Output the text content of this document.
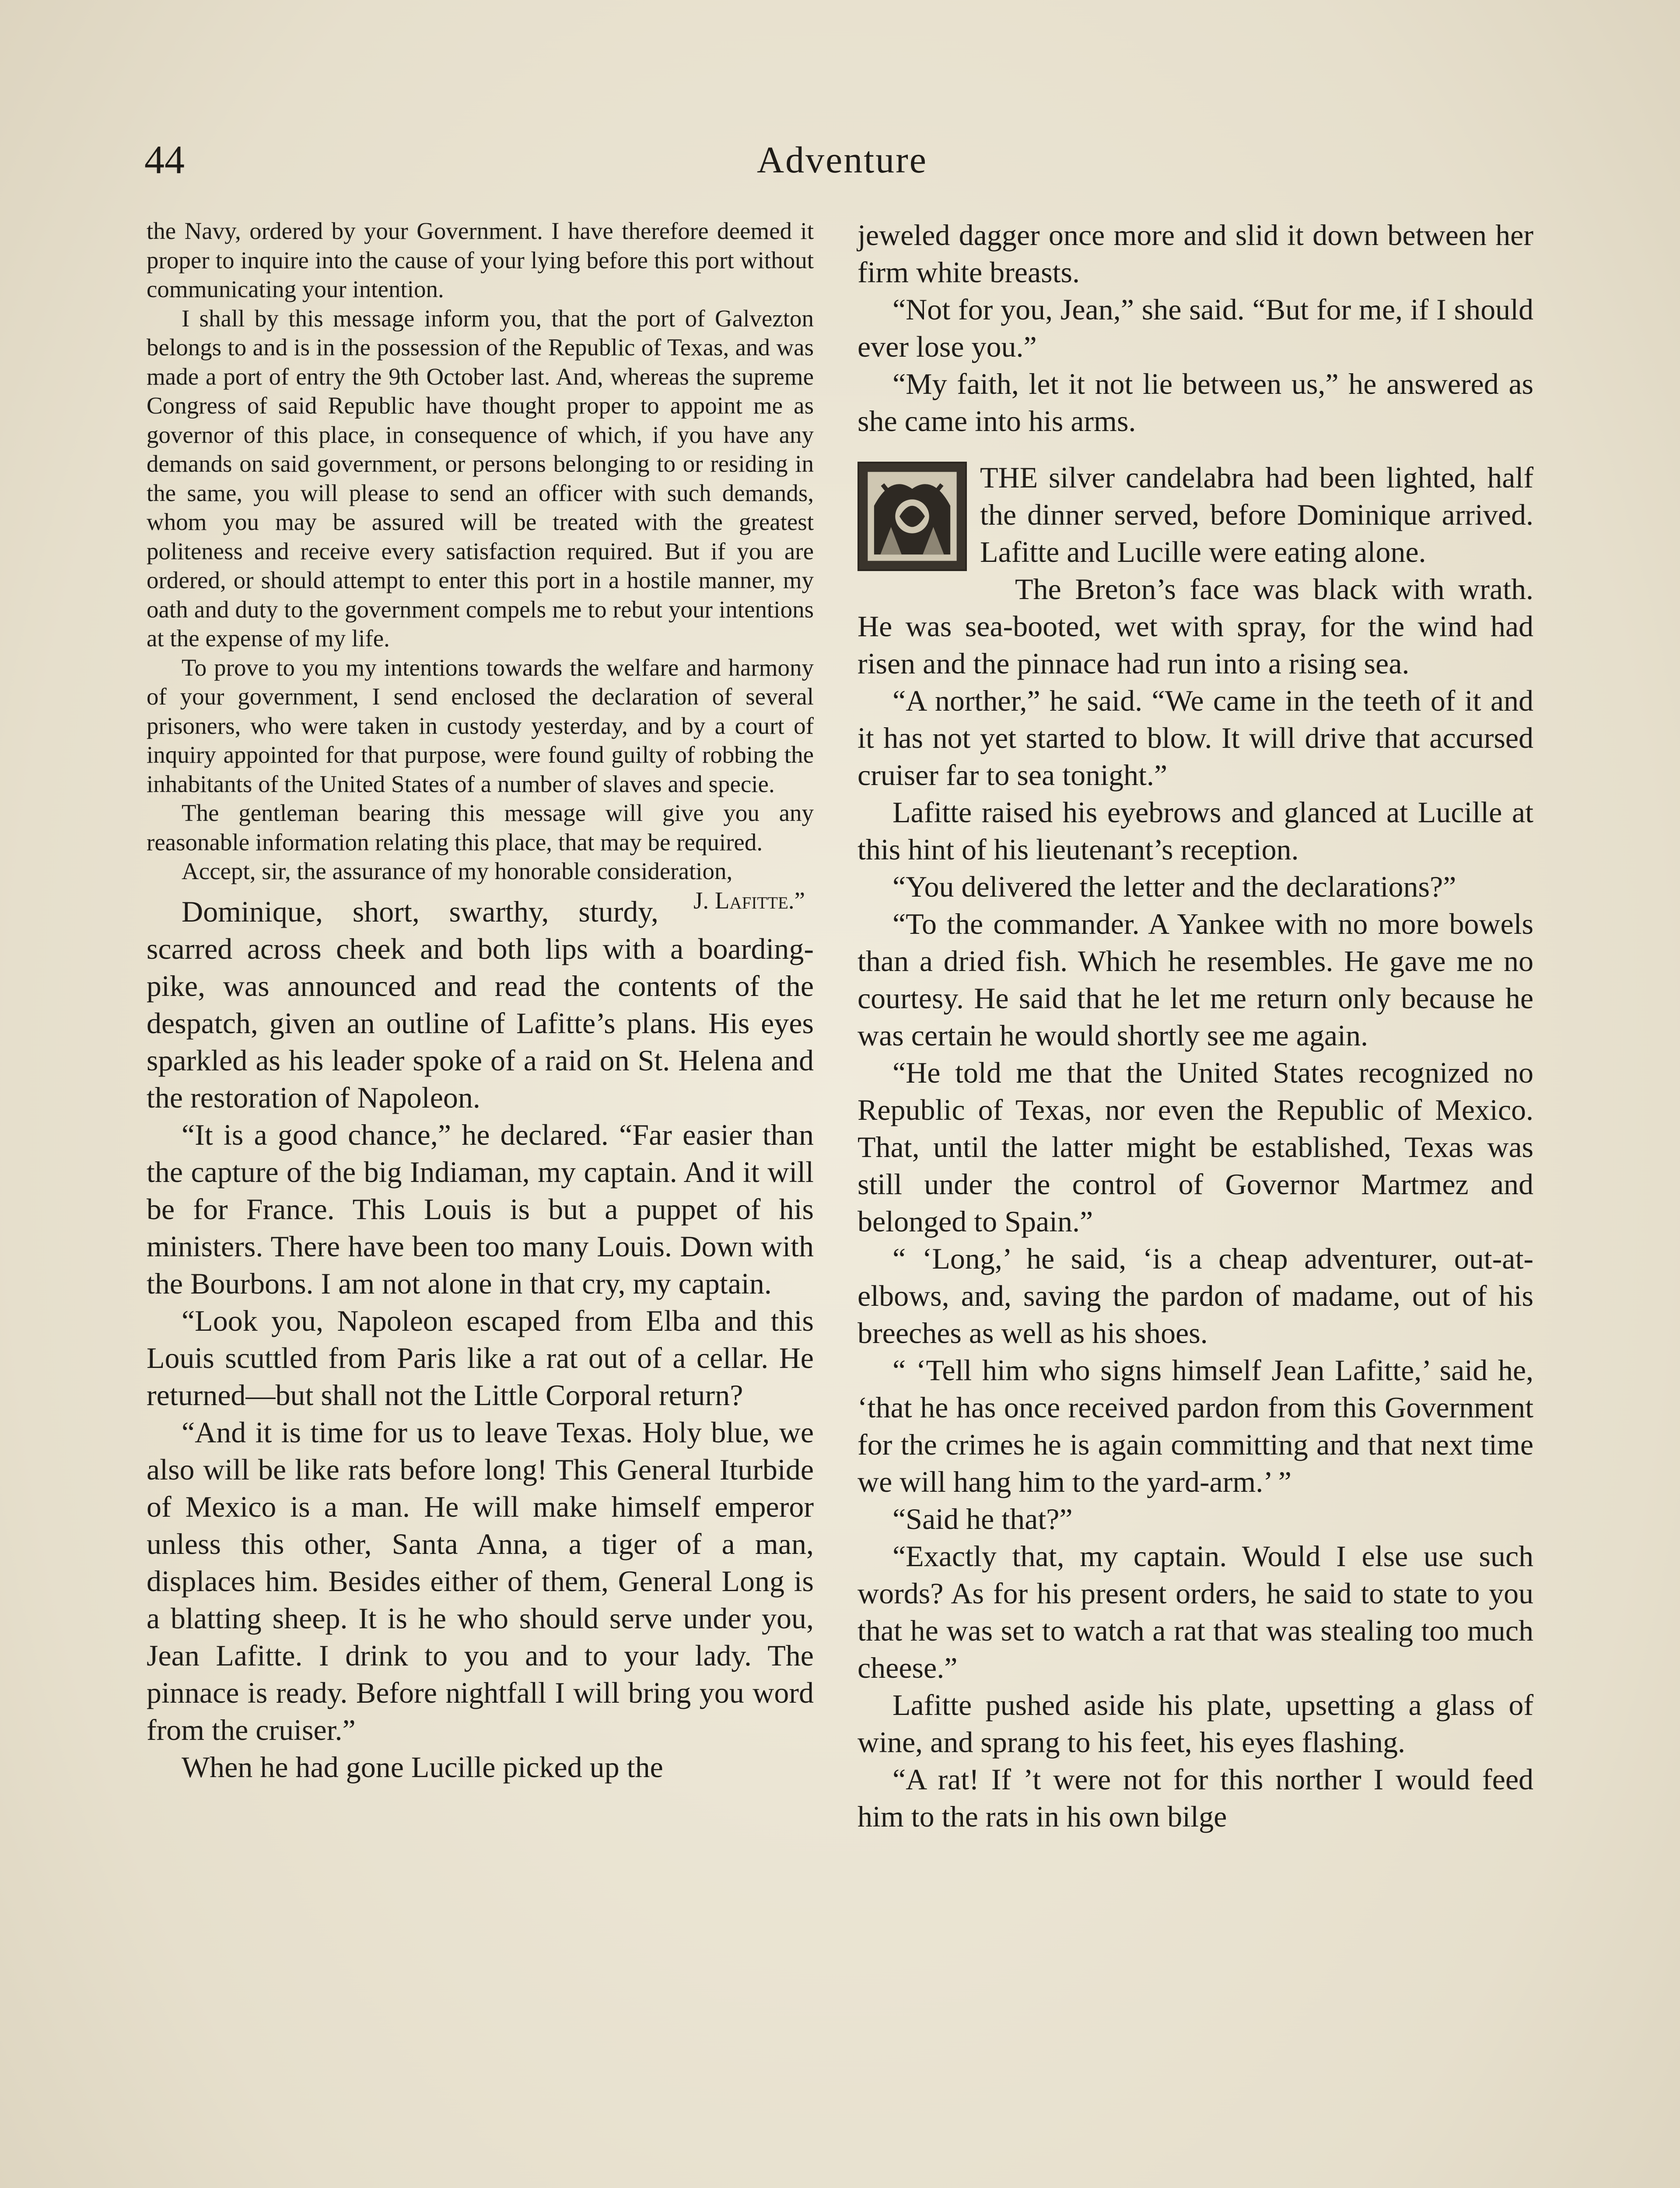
44	Adventure

the Navy, ordered by your Government. I have therefore deemed it proper to inquire into the cause of your lying before this port without communicating your intention.

I shall by this message inform you, that the port of Galvezton belongs to and is in the possession of the Republic of Texas, and was made a port of entry the 9th October last. And, whereas the supreme Congress of said Republic have thought proper to appoint me as governor of this place, in consequence of which, if you have any demands on said government, or persons belonging to or residing in the same, you will please to send an officer with such demands, whom you may be assured will be treated with the greatest politeness and receive every satisfaction required. But if you are ordered, or should attempt to enter this port in a hostile manner, my oath and duty to the government compels me to rebut your intentions at the expense of my life.

To prove to you my intentions towards the welfare and harmony of your government, I send enclosed the declaration of several prisoners, who were taken in custody yesterday, and by a court of inquiry appointed for that purpose, were found guilty of robbing the inhabitants of the United States of a number of slaves and specie.

The gentleman bearing this message will give you any reasonable information relating this place, that may be required.

Accept, sir, the assurance of my honorable consideration,
J. Lafitte.”

Dominique, short, swarthy, sturdy, scarred across cheek and both lips with a boarding-pike, was announced and read the contents of the despatch, given an outline of Lafitte’s plans. His eyes sparkled as his leader spoke of a raid on St. Helena and the restoration of Napoleon.

“It is a good chance,” he declared. “Far easier than the capture of the big Indiaman, my captain. And it will be for France. This Louis is but a puppet of his ministers. There have been too many Louis. Down with the Bourbons. I am not alone in that cry, my captain.

“Look you, Napoleon escaped from Elba and this Louis scuttled from Paris like a rat out of a cellar. He returned—but shall not the Little Corporal return?

“And it is time for us to leave Texas. Holy blue, we also will be like rats before long! This General Iturbide of Mexico is a man. He will make himself emperor unless this other, Santa Anna, a tiger of a man, displaces him. Besides either of them, General Long is a blatting sheep. It is he who should serve under you, Jean Lafitte. I drink to you and to your lady. The pinnace is ready. Before nightfall I will bring you word from the cruiser.”

When he had gone Lucille picked up the

jeweled dagger once more and slid it down between her firm white breasts.

“Not for you, Jean,” she said. “But for me, if I should ever lose you.”

“My faith, let it not lie between us,” he answered as she came into his arms.

THE silver candelabra had been lighted, half the dinner served, before Dominique arrived. Lafitte and Lucille were eating alone.

The Breton’s face was black with wrath. He was sea-booted, wet with spray, for the wind had risen and the pinnace had run into a rising sea.

“A norther,” he said. “We came in the teeth of it and it has not yet started to blow. It will drive that accursed cruiser far to sea tonight.”

Lafitte raised his eyebrows and glanced at Lucille at this hint of his lieutenant’s reception.

“You delivered the letter and the declarations?”

“To the commander. A Yankee with no more bowels than a dried fish. Which he resembles. He gave me no courtesy. He said that he let me return only because he was certain he would shortly see me again.

“He told me that the United States recognized no Republic of Texas, nor even the Republic of Mexico. That, until the latter might be established, Texas was still under the control of Governor Martmez and belonged to Spain.”

“ ‘Long,’ he said, ‘is a cheap adventurer, out-at-elbows, and, saving the pardon of madame, out of his breeches as well as his shoes.

“ ‘Tell him who signs himself Jean Lafitte,’ said he, ‘that he has once received pardon from this Government for the crimes he is again committing and that next time we will hang him to the yard-arm.’ ”

“Said he that?”

“Exactly that, my captain. Would I else use such words? As for his present orders, he said to state to you that he was set to watch a rat that was stealing too much cheese.”

Lafitte pushed aside his plate, upsetting a glass of wine, and sprang to his feet, his eyes flashing.

“A rat! If ’t were not for this norther I would feed him to the rats in his own bilge
